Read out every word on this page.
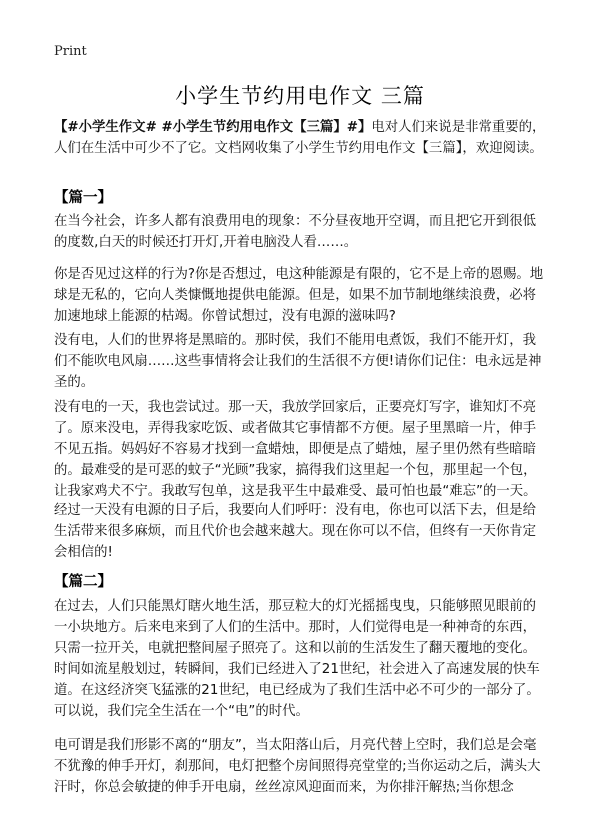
Print
小学生节约用电作文 三篇
【#小学生作文# #小学生节约用电作文【三篇】#】电对人们来说是非常重要的，人们在生活中可少不了它。文档网收集了小学生节约用电作文【三篇】，欢迎阅读。
【篇一】
在当今社会，许多人都有浪费用电的现象：不分昼夜地开空调，而且把它开到很低的度数,白天的时候还打开灯,开着电脑没人看……。
你是否见过这样的行为?你是否想过，电这种能源是有限的，它不是上帝的恩赐。地球是无私的，它向人类慷慨地提供电能源。但是，如果不加节制地继续浪费，必将加速地球上能源的枯竭。你曾试想过，没有电源的滋味吗?
没有电，人们的世界将是黑暗的。那时侯，我们不能用电煮饭，我们不能开灯，我们不能吹电风扇……这些事情将会让我们的生活很不方便!请你们记住：电永远是神圣的。
没有电的一天，我也尝试过。那一天，我放学回家后，正要亮灯写字，谁知灯不亮了。原来没电，弄得我家吃饭、或者做其它事情都不方便。屋子里黑暗一片，伸手不见五指。妈妈好不容易才找到一盒蜡烛，即便是点了蜡烛，屋子里仍然有些暗暗的。最难受的是可恶的蚊子“光顾”我家，搞得我们这里起一个包，那里起一个包，让我家鸡犬不宁。我敢写包单，这是我平生中最难受、最可怕也最“难忘”的一天。
经过一天没有电源的日子后，我要向人们呼吁：没有电，你也可以活下去，但是给生活带来很多麻烦，而且代价也会越来越大。现在你可以不信，但终有一天你肯定会相信的!
【篇二】
在过去，人们只能黑灯瞎火地生活，那豆粒大的灯光摇摇曳曳，只能够照见眼前的一小块地方。后来电来到了人们的生活中。那时，人们觉得电是一种神奇的东西，只需一拉开关，电就把整间屋子照亮了。这和以前的生活发生了翻天覆地的变化。时间如流星般划过，转瞬间，我们已经进入了21世纪，社会进入了高速发展的快车道。在这经济突飞猛涨的21世纪，电已经成为了我们生活中必不可少的一部分了。可以说，我们完全生活在一个“电”的时代。
电可谓是我们形影不离的“朋友”，当太阳落山后，月亮代替上空时，我们总是会毫不犹豫的伸手开灯，刹那间，电灯把整个房间照得亮堂堂的;当你运动之后，满头大汗时，你总会敏捷的伸手开电扇，丝丝凉风迎面而来，为你排汗解热;当你想念
